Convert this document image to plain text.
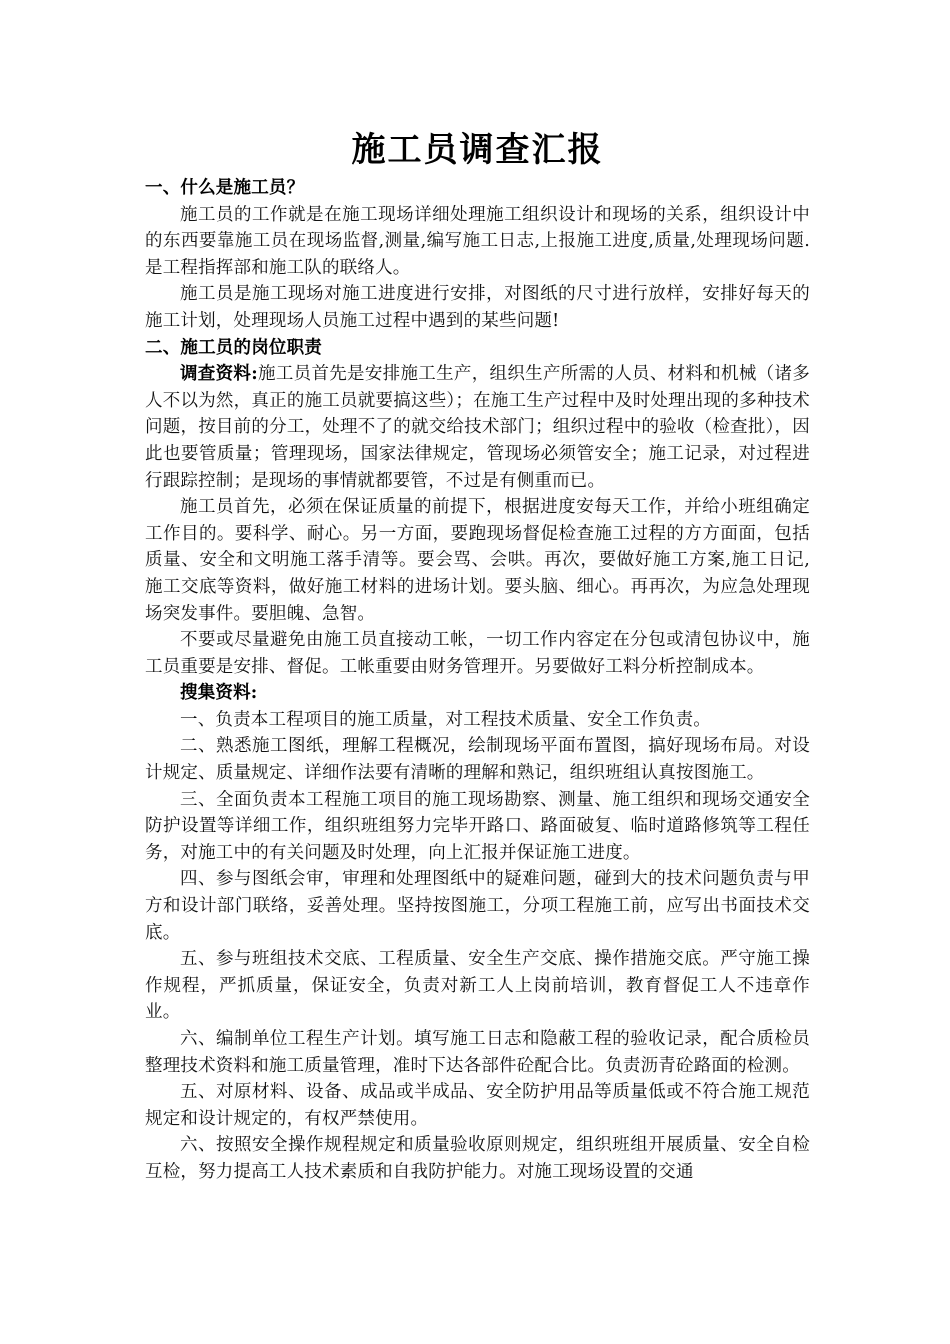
施工员调查汇报

一、什么是施工员？

施工员的工作就是在施工现场详细处理施工组织设计和现场的关系，组织设计中的东西要靠施工员在现场监督,测量,编写施工日志,上报施工进度,质量,处理现场问题.是工程指挥部和施工队的联络人。

施工员是施工现场对施工进度进行安排，对图纸的尺寸进行放样，安排好每天的施工计划，处理现场人员施工过程中遇到的某些问题!

二、施工员的岗位职责

调查资料:施工员首先是安排施工生产，组织生产所需的人员、材料和机械（诸多人不以为然，真正的施工员就要搞这些）；在施工生产过程中及时处理出现的多种技术问题，按目前的分工，处理不了的就交给技术部门；组织过程中的验收（检查批），因此也要管质量；管理现场，国家法律规定，管现场必须管安全；施工记录，对过程进行跟踪控制；是现场的事情就都要管，不过是有侧重而已。

施工员首先，必须在保证质量的前提下，根据进度安每天工作，并给小班组确定工作目的。要科学、耐心。另一方面，要跑现场督促检查施工过程的方方面面，包括质量、安全和文明施工落手清等。要会骂、会哄。再次，要做好施工方案,施工日记,施工交底等资料，做好施工材料的进场计划。要头脑、细心。再再次，为应急处理现场突发事件。要胆魄、急智。

不要或尽量避免由施工员直接动工帐，一切工作内容定在分包或清包协议中，施工员重要是安排、督促。工帐重要由财务管理开。另要做好工料分析控制成本。

搜集资料:

一、负责本工程项目的施工质量，对工程技术质量、安全工作负责。

二、熟悉施工图纸，理解工程概况，绘制现场平面布置图，搞好现场布局。对设计规定、质量规定、详细作法要有清晰的理解和熟记，组织班组认真按图施工。

三、全面负责本工程施工项目的施工现场勘察、测量、施工组织和现场交通安全防护设置等详细工作，组织班组努力完毕开路口、路面破复、临时道路修筑等工程任务，对施工中的有关问题及时处理，向上汇报并保证施工进度。

四、参与图纸会审，审理和处理图纸中的疑难问题，碰到大的技术问题负责与甲方和设计部门联络，妥善处理。坚持按图施工，分项工程施工前，应写出书面技术交底。

五、参与班组技术交底、工程质量、安全生产交底、操作措施交底。严守施工操作规程，严抓质量，保证安全，负责对新工人上岗前培训，教育督促工人不违章作业。

六、编制单位工程生产计划。填写施工日志和隐蔽工程的验收记录，配合质检员整理技术资料和施工质量管理，准时下达各部件砼配合比。负责沥青砼路面的检测。

五、对原材料、设备、成品或半成品、安全防护用品等质量低或不符合施工规范规定和设计规定的，有权严禁使用。

六、按照安全操作规程规定和质量验收原则规定，组织班组开展质量、安全自检互检，努力提高工人技术素质和自我防护能力。对施工现场设置的交通
